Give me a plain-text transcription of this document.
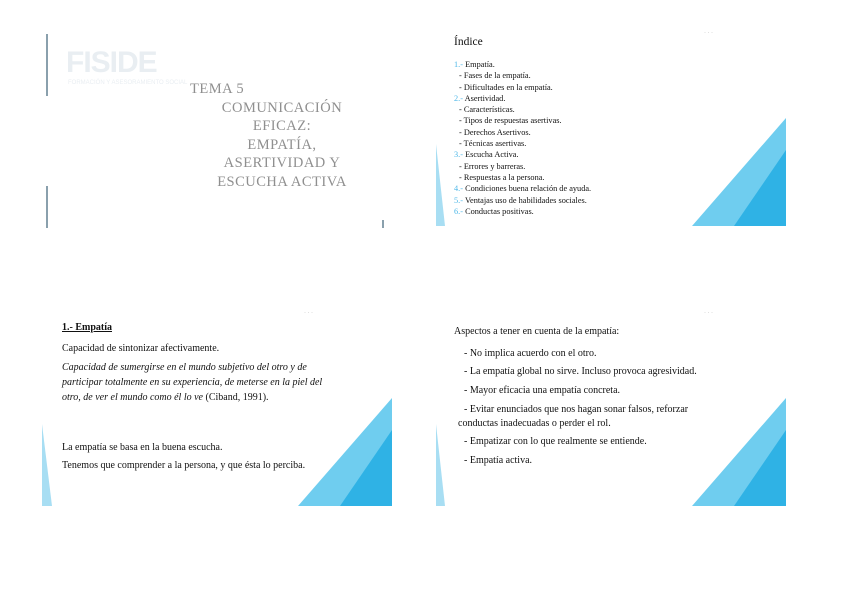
FISIDE
FORMACIÓN Y ASESORAMIENTO SOCIAL TEMA 5
COMUNICACIÓN
EFICAZ:
EMPATÍA,
ASERTIVIDAD Y
ESCUCHA ACTIVA
· · ·
Índice
1.- Empatía.
- Fases de la empatía.
- Dificultades en la empatía.
2.- Asertividad.
- Características.
- Tipos de respuestas asertivas.
- Derechos Asertivos.
- Técnicas asertivas.
3.- Escucha Activa.
- Errores y barreras.
- Respuestas a la persona.
4.- Condiciones buena relación de ayuda.
5.- Ventajas uso de habilidades sociales.
6.- Conductas positivas.
· · ·
1.- Empatía
Capacidad de sintonizar afectivamente.
Capacidad de sumergirse en el mundo subjetivo del otro y de participar totalmente en su experiencia, de meterse en la piel del otro, de ver el mundo como él lo ve (Ciband, 1991).
La empatía se basa en la buena escucha.
Tenemos que comprender a la persona, y que ésta lo perciba.
· · ·
Aspectos a tener en cuenta de la empatía:
- No implica acuerdo con el otro.
- La empatía global no sirve. Incluso provoca agresividad.
- Mayor eficacia una empatía concreta.
- Evitar enunciados que nos hagan sonar falsos, reforzar
conductas inadecuadas o perder el rol.
- Empatizar con lo que realmente se entiende.
- Empatía activa.
